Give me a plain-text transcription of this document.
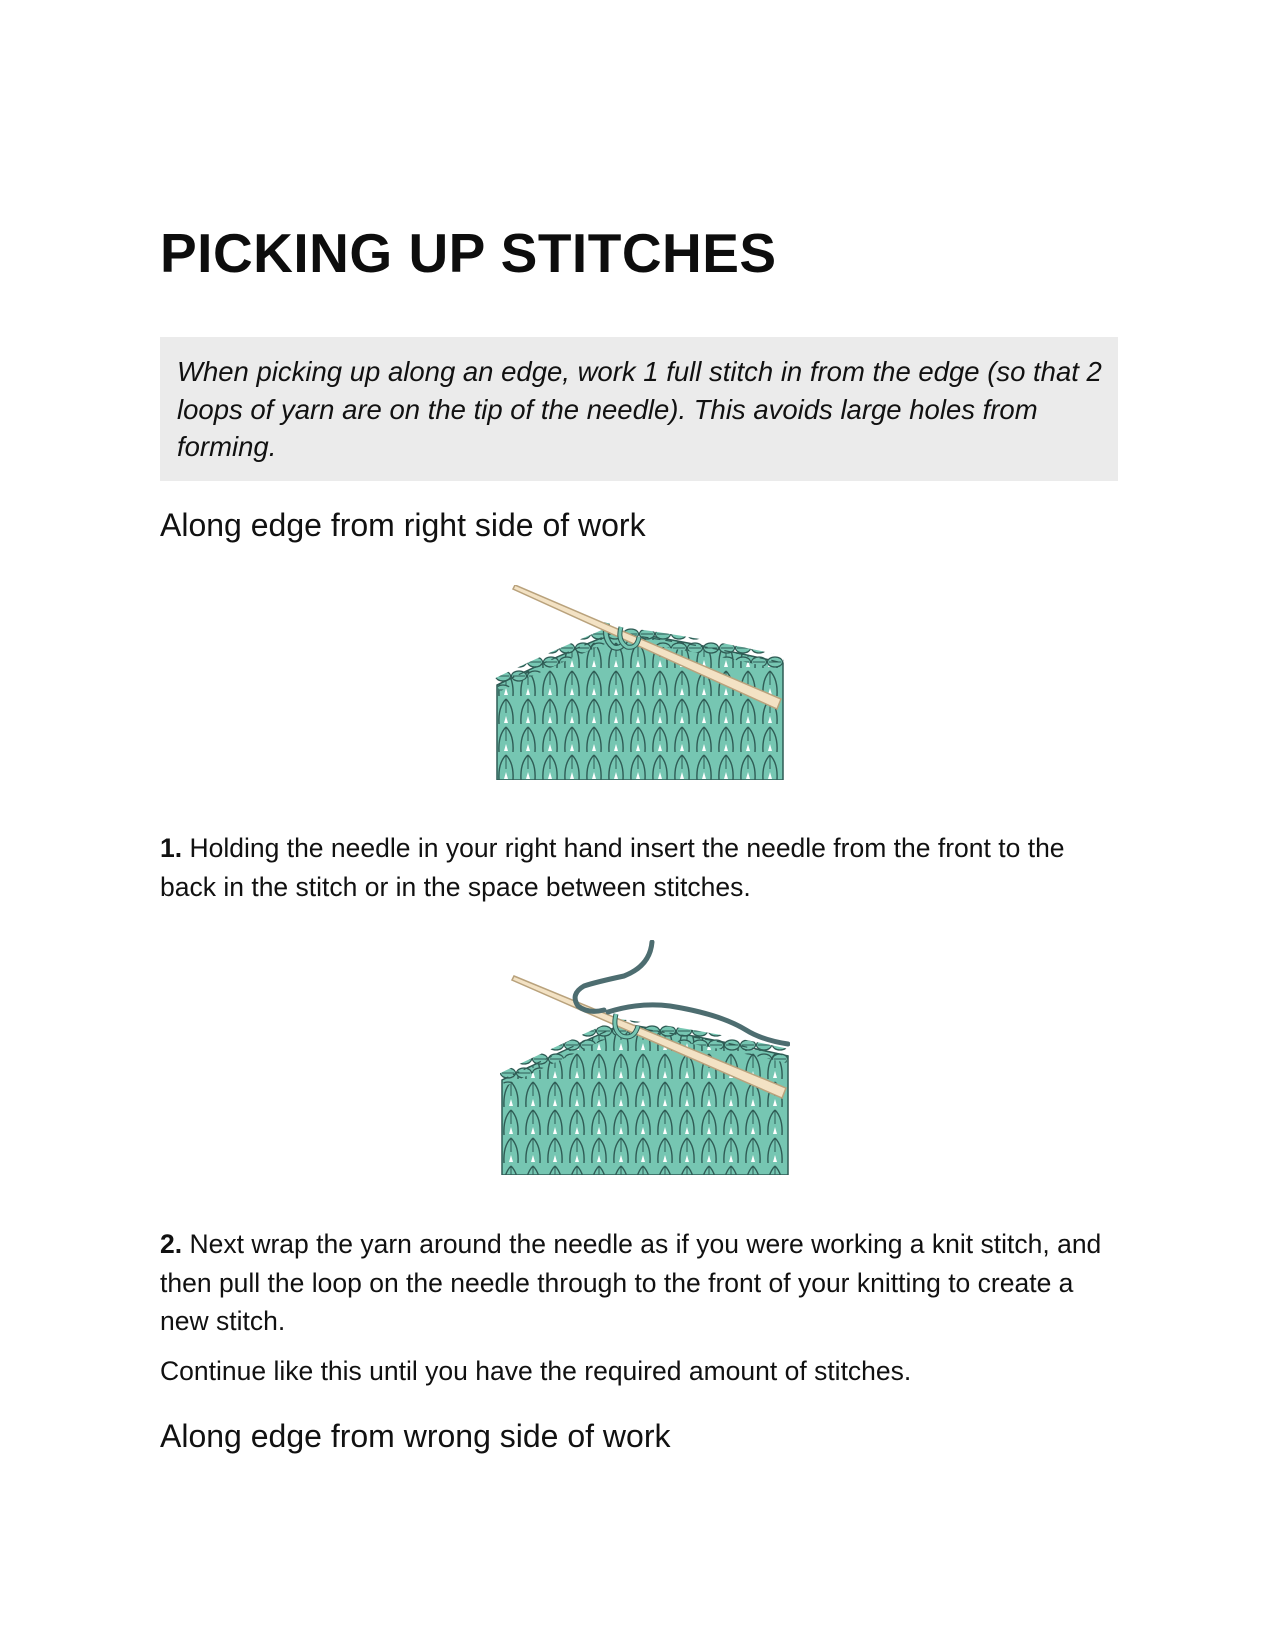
PICKING UP STITCHES

When picking up along an edge, work 1 full stitch in from the edge (so that 2 loops of yarn are on the tip of the needle). This avoids large holes from forming.

Along edge from right side of work

1. Holding the needle in your right hand insert the needle from the front to the back in the stitch or in the space between stitches.

2. Next wrap the yarn around the needle as if you were working a knit stitch, and then pull the loop on the needle through to the front of your knitting to create a new stitch.

Continue like this until you have the required amount of stitches.

Along edge from wrong side of work
